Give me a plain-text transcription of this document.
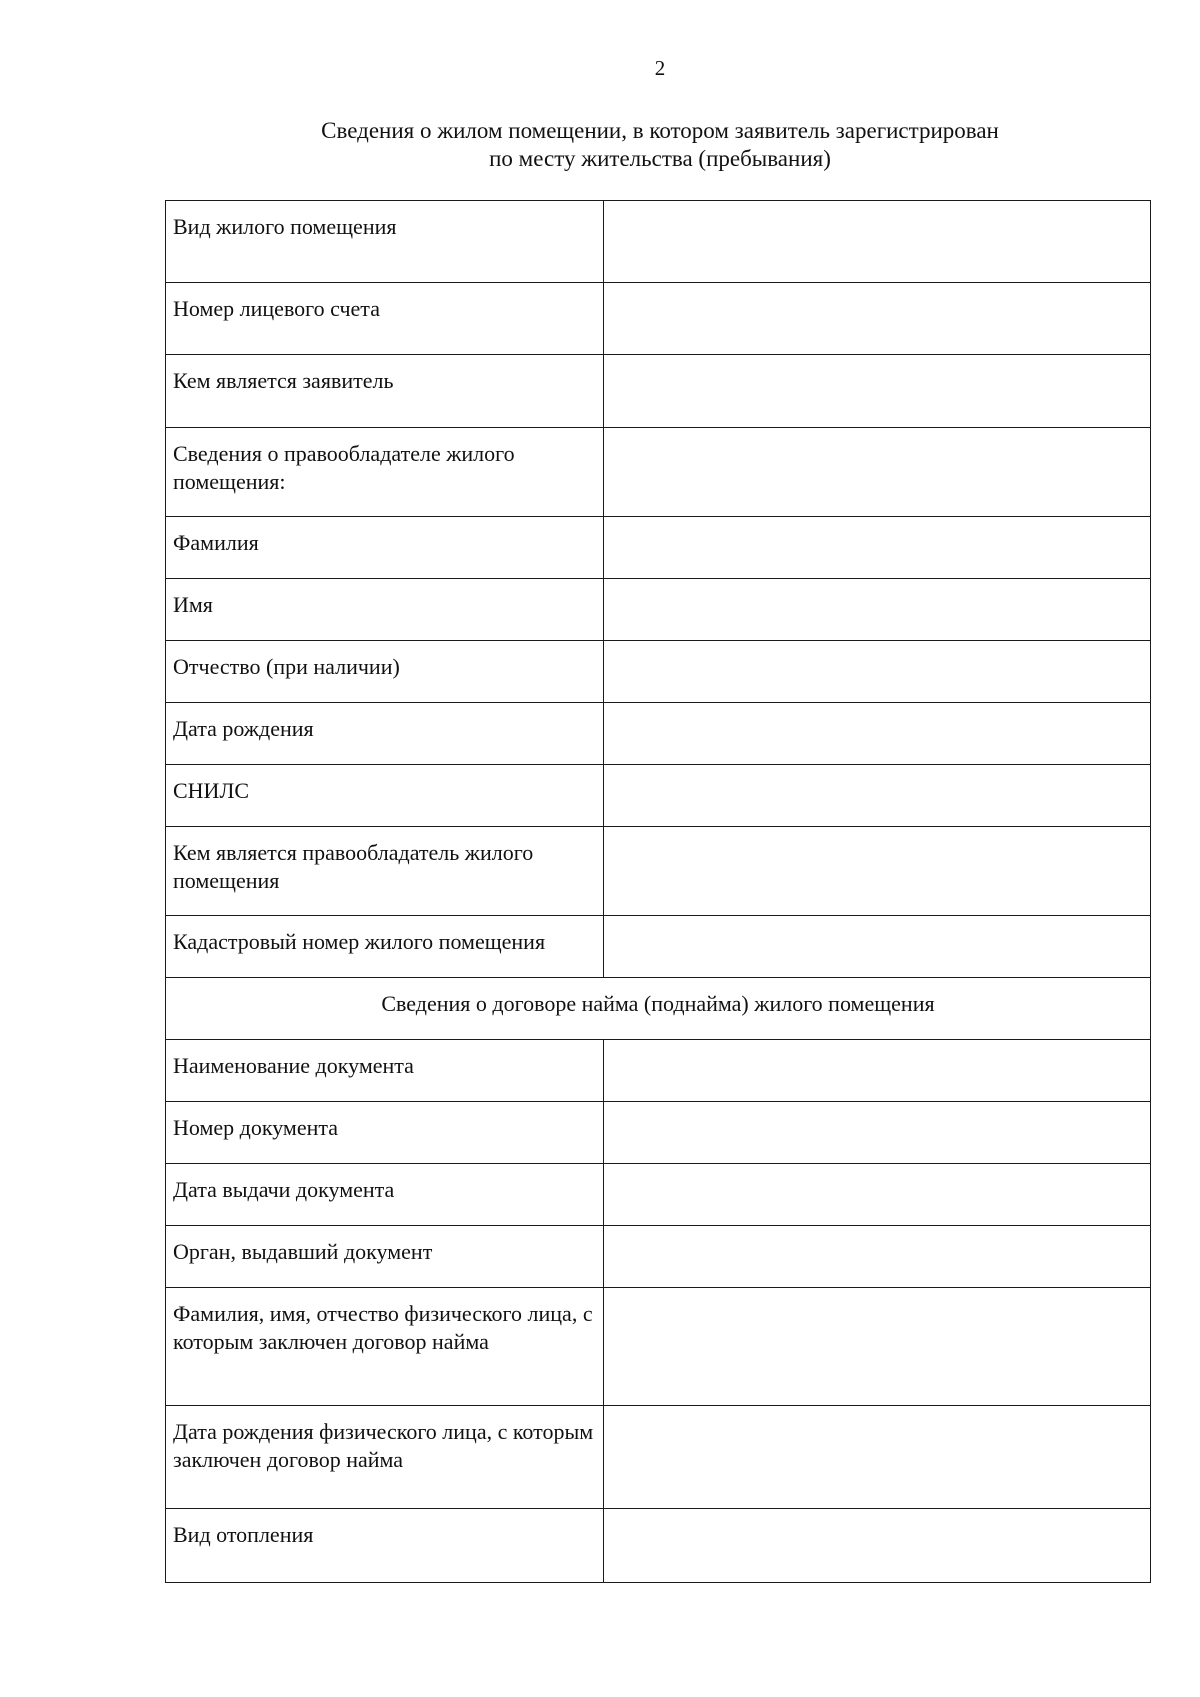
2
Сведения о жилом помещении, в котором заявитель зарегистрирован
по месту жительства (пребывания)
Вид жилого помещения	
Номер лицевого счета	
Кем является заявитель	
Сведения о правообладателе жилого помещения:	
Фамилия	
Имя	
Отчество (при наличии)	
Дата рождения	
СНИЛС	
Кем является правообладатель жилого помещения	
Кадастровый номер жилого помещения	
Сведения о договоре найма (поднайма) жилого помещения	
Наименование документа	
Номер документа	
Дата выдачи документа	
Орган, выдавший документ	
Фамилия, имя, отчество физического лица, с которым заключен договор найма	
Дата рождения физического лица, с которым заключен договор найма	
Вид отопления	
